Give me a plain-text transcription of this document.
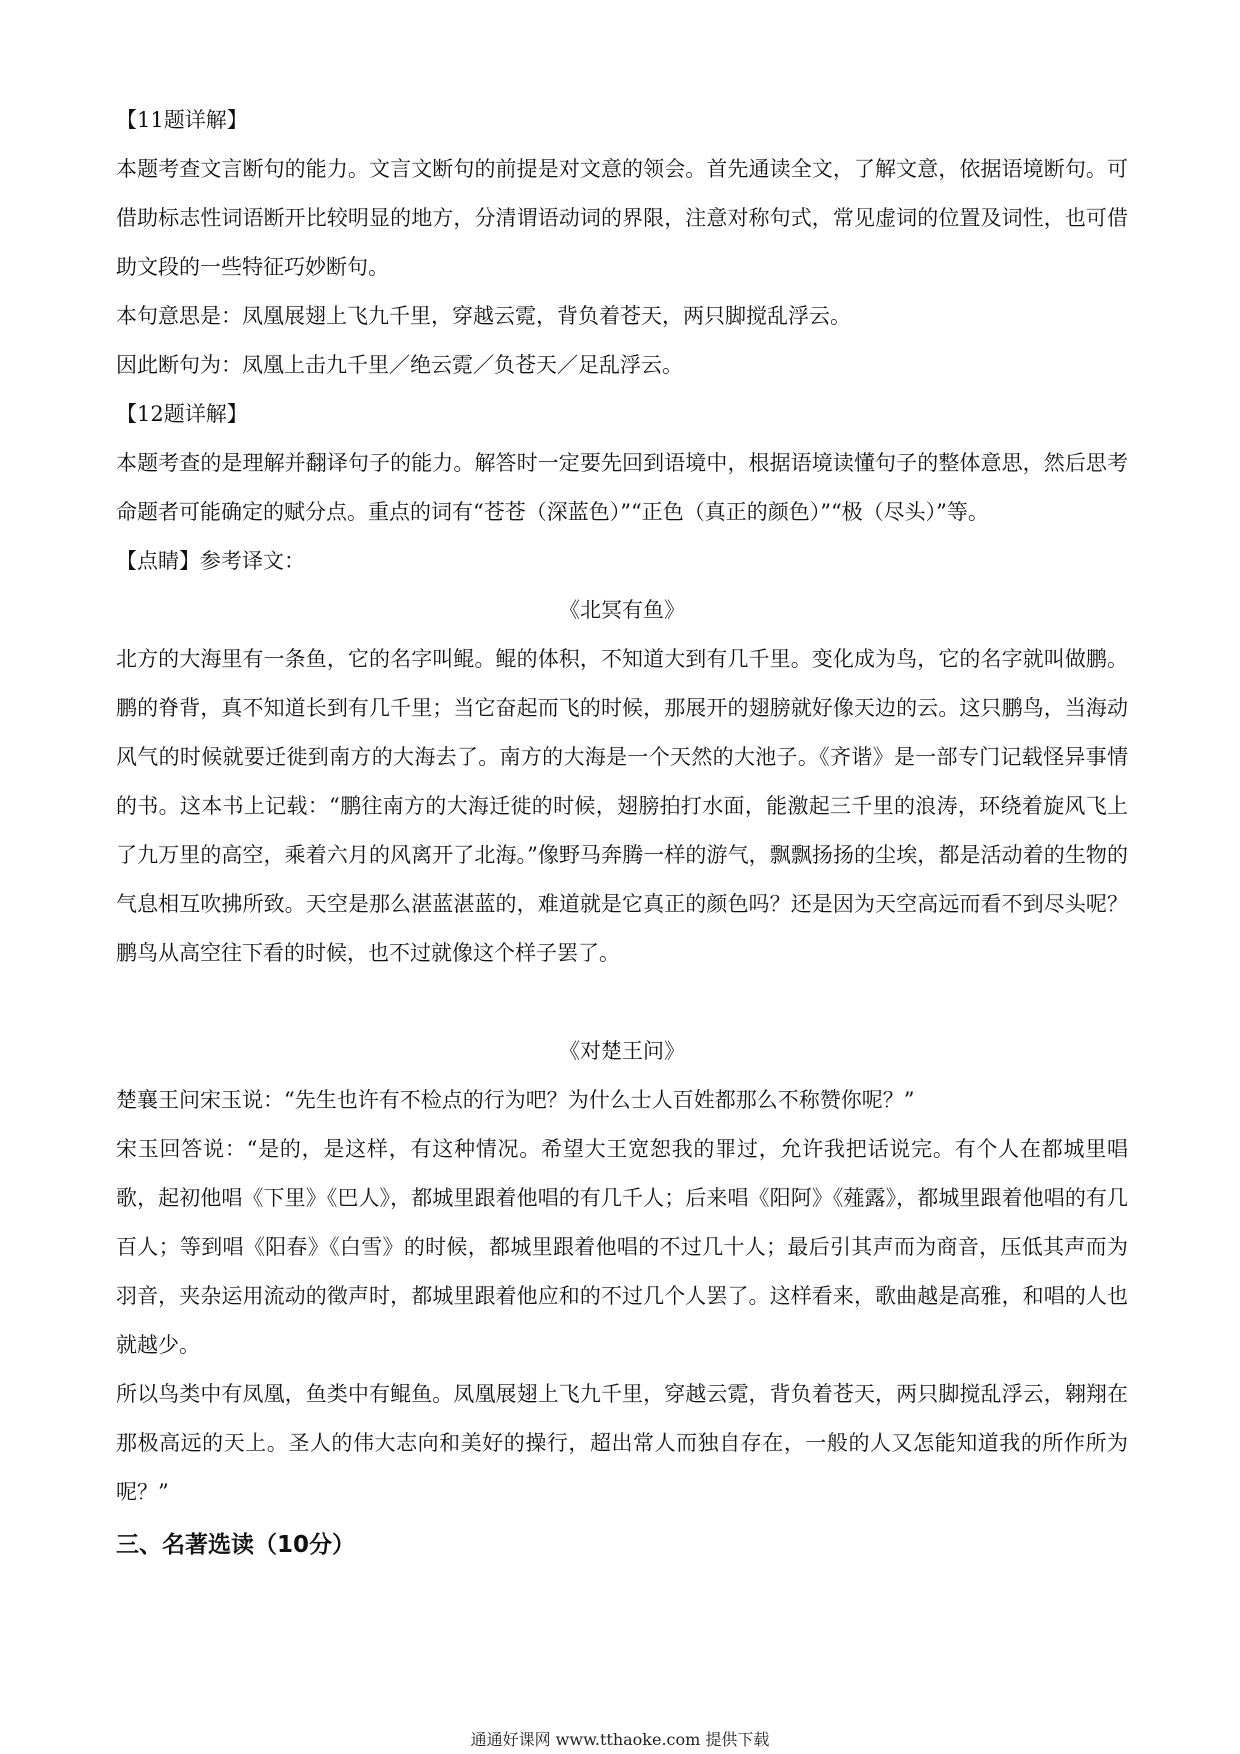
【11题详解】
本题考查文言断句的能力。文言文断句的前提是对文意的领会。首先通读全文，了解文意，依据语境断句。可借助标志性词语断开比较明显的地方，分清谓语动词的界限，注意对称句式，常见虚词的位置及词性，也可借助文段的一些特征巧妙断句。
本句意思是：凤凰展翅上飞九千里，穿越云霓，背负着苍天，两只脚搅乱浮云。
因此断句为：凤凰上击九千里／绝云霓／负苍天／足乱浮云。
【12题详解】
本题考查的是理解并翻译句子的能力。解答时一定要先回到语境中，根据语境读懂句子的整体意思，然后思考命题者可能确定的赋分点。重点的词有“苍苍（深蓝色）”“正色（真正的颜色）”“极（尽头）”等。
【点睛】参考译文：
《北冥有鱼》
北方的大海里有一条鱼，它的名字叫鲲。鲲的体积，不知道大到有几千里。变化成为鸟，它的名字就叫做鹏。鹏的脊背，真不知道长到有几千里；当它奋起而飞的时候，那展开的翅膀就好像天边的云。这只鹏鸟，当海动风气的时候就要迁徙到南方的大海去了。南方的大海是一个天然的大池子。《齐谐》是一部专门记载怪异事情的书。这本书上记载：“鹏往南方的大海迁徙的时候，翅膀拍打水面，能激起三千里的浪涛，环绕着旋风飞上了九万里的高空，乘着六月的风离开了北海。”像野马奔腾一样的游气，飘飘扬扬的尘埃，都是活动着的生物的气息相互吹拂所致。天空是那么湛蓝湛蓝的，难道就是它真正的颜色吗？还是因为天空高远而看不到尽头呢？鹏鸟从高空往下看的时候，也不过就像这个样子罢了。
《对楚王问》
楚襄王问宋玉说：“先生也许有不检点的行为吧？为什么士人百姓都那么不称赞你呢？”
宋玉回答说：“是的，是这样，有这种情况。希望大王宽恕我的罪过，允许我把话说完。有个人在都城里唱歌，起初他唱《下里》《巴人》，都城里跟着他唱的有几千人；后来唱《阳阿》《薤露》，都城里跟着他唱的有几百人；等到唱《阳春》《白雪》的时候，都城里跟着他唱的不过几十人；最后引其声而为商音，压低其声而为羽音，夹杂运用流动的徵声时，都城里跟着他应和的不过几个人罢了。这样看来，歌曲越是高雅，和唱的人也就越少。
所以鸟类中有凤凰，鱼类中有鲲鱼。凤凰展翅上飞九千里，穿越云霓，背负着苍天，两只脚搅乱浮云，翱翔在那极高远的天上。圣人的伟大志向和美好的操行，超出常人而独自存在，一般的人又怎能知道我的所作所为呢？”
三、名著选读（10分）
通通好课网 www.tthaoke.com 提供下载
